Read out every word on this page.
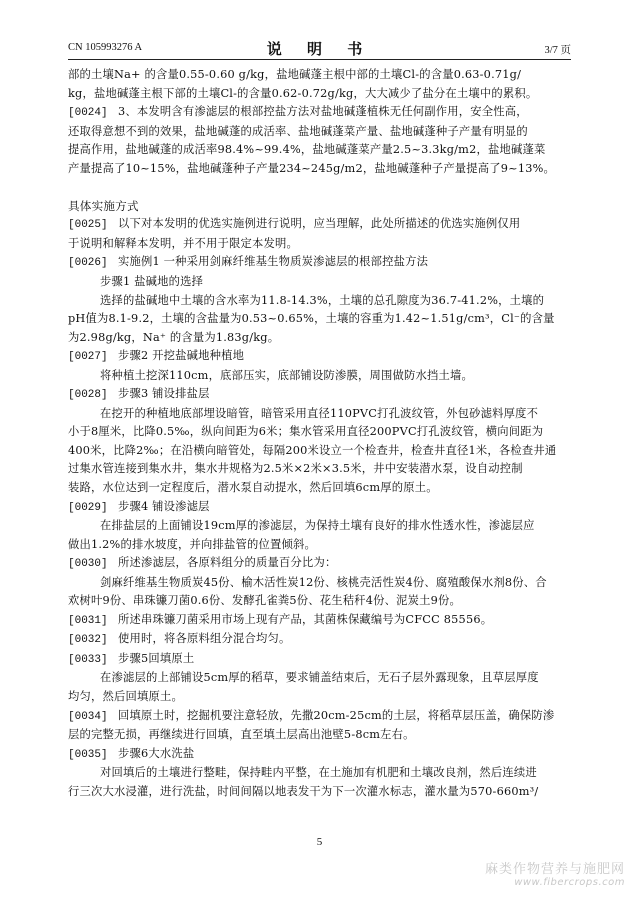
CN 105993276 A	说 明 书	3/7 页

部的土壤Na+ 的含量0.55-0.60 g/kg，盐地碱蓬主根中部的土壤Cl-的含量0.63-0.71g/

kg，盐地碱蓬主根下部的土壤Cl-的含量0.62-0.72g/kg，大大减少了盐分在土壤中的累积。

[0024] 3、本发明含有渗滤层的根部控盐方法对盐地碱蓬植株无任何副作用，安全性高，

还取得意想不到的效果，盐地碱蓬的成活率、盐地碱蓬菜产量、盐地碱蓬种子产量有明显的

提高作用，盐地碱蓬的成活率98.4%~99.4%，盐地碱蓬菜产量2.5~3.3kg/m2，盐地碱蓬菜

产量提高了10~15%，盐地碱蓬种子产量234~245g/m2，盐地碱蓬种子产量提高了9~13%。

具体实施方式

[0025] 以下对本发明的优选实施例进行说明，应当理解，此处所描述的优选实施例仅用

于说明和解释本发明，并不用于限定本发明。

[0026] 实施例1 一种采用剑麻纤维基生物质炭渗滤层的根部控盐方法

步骤1 盐碱地的选择

选择的盐碱地中土壤的含水率为11.8-14.3%，土壤的总孔隙度为36.7-41.2%，土壤的

pH值为8.1-9.2，土壤的含盐量为0.53~0.65%，土壤的容重为1.42~1.51g/cm³，Cl⁻的含量

为2.98g/kg，Na⁺ 的含量为1.83g/kg。

[0027] 步骤2 开挖盐碱地种植地

将种植土挖深110cm，底部压实，底部铺设防渗膜，周围做防水挡土墙。

[0028] 步骤3 铺设排盐层

在挖开的种植地底部埋设暗管，暗管采用直径110PVC打孔波纹管，外包砂滤料厚度不

小于8厘米，比降0.5‰，纵向间距为6米；集水管采用直径200PVC打孔波纹管，横向间距为

400米，比降2‰；在沿横向暗管处，每隔200米设立一个检查井，检查井直径1米，各检查井通

过集水管连接到集水井，集水井规格为2.5米×2米×3.5米，井中安装潜水泵，设自动控制

装路，水位达到一定程度后，潜水泵自动提水，然后回填6cm厚的原土。

[0029] 步骤4 铺设渗滤层

在排盐层的上面铺设19cm厚的渗滤层，为保持土壤有良好的排水性透水性，渗滤层应

做出1.2%的排水坡度，并向排盐管的位置倾斜。

[0030] 所述渗滤层，各原料组分的质量百分比为：

剑麻纤维基生物质炭45份、榆木活性炭12份、核桃壳活性炭4份、腐殖酸保水剂8份、合

欢树叶9份、串珠镰刀菌0.6份、发酵孔雀粪5份、花生秸秆4份、泥炭土9份。

[0031] 所述串珠镰刀菌采用市场上现有产品，其菌株保藏编号为CFCC 85556。

[0032] 使用时，将各原料组分混合均匀。

[0033] 步骤5回填原土

在渗滤层的上部铺设5cm厚的稻草，要求铺盖结束后，无石子层外露现象，且草层厚度

均匀，然后回填原土。

[0034] 回填原土时，挖掘机要注意轻放，先撒20cm-25cm的土层，将稻草层压盖，确保防渗

层的完整无损，再继续进行回填，直至填土层高出池壁5-8cm左右。

[0035] 步骤6大水洗盐

对回填后的土壤进行整畦，保持畦内平整，在土施加有机肥和土壤改良剂，然后连续进

行三次大水浸灌，进行洗盐，时间间隔以地表发干为下一次灌水标志，灌水量为570-660m³/

5
麻类作物营养与施肥网
www.fibercrops.com
